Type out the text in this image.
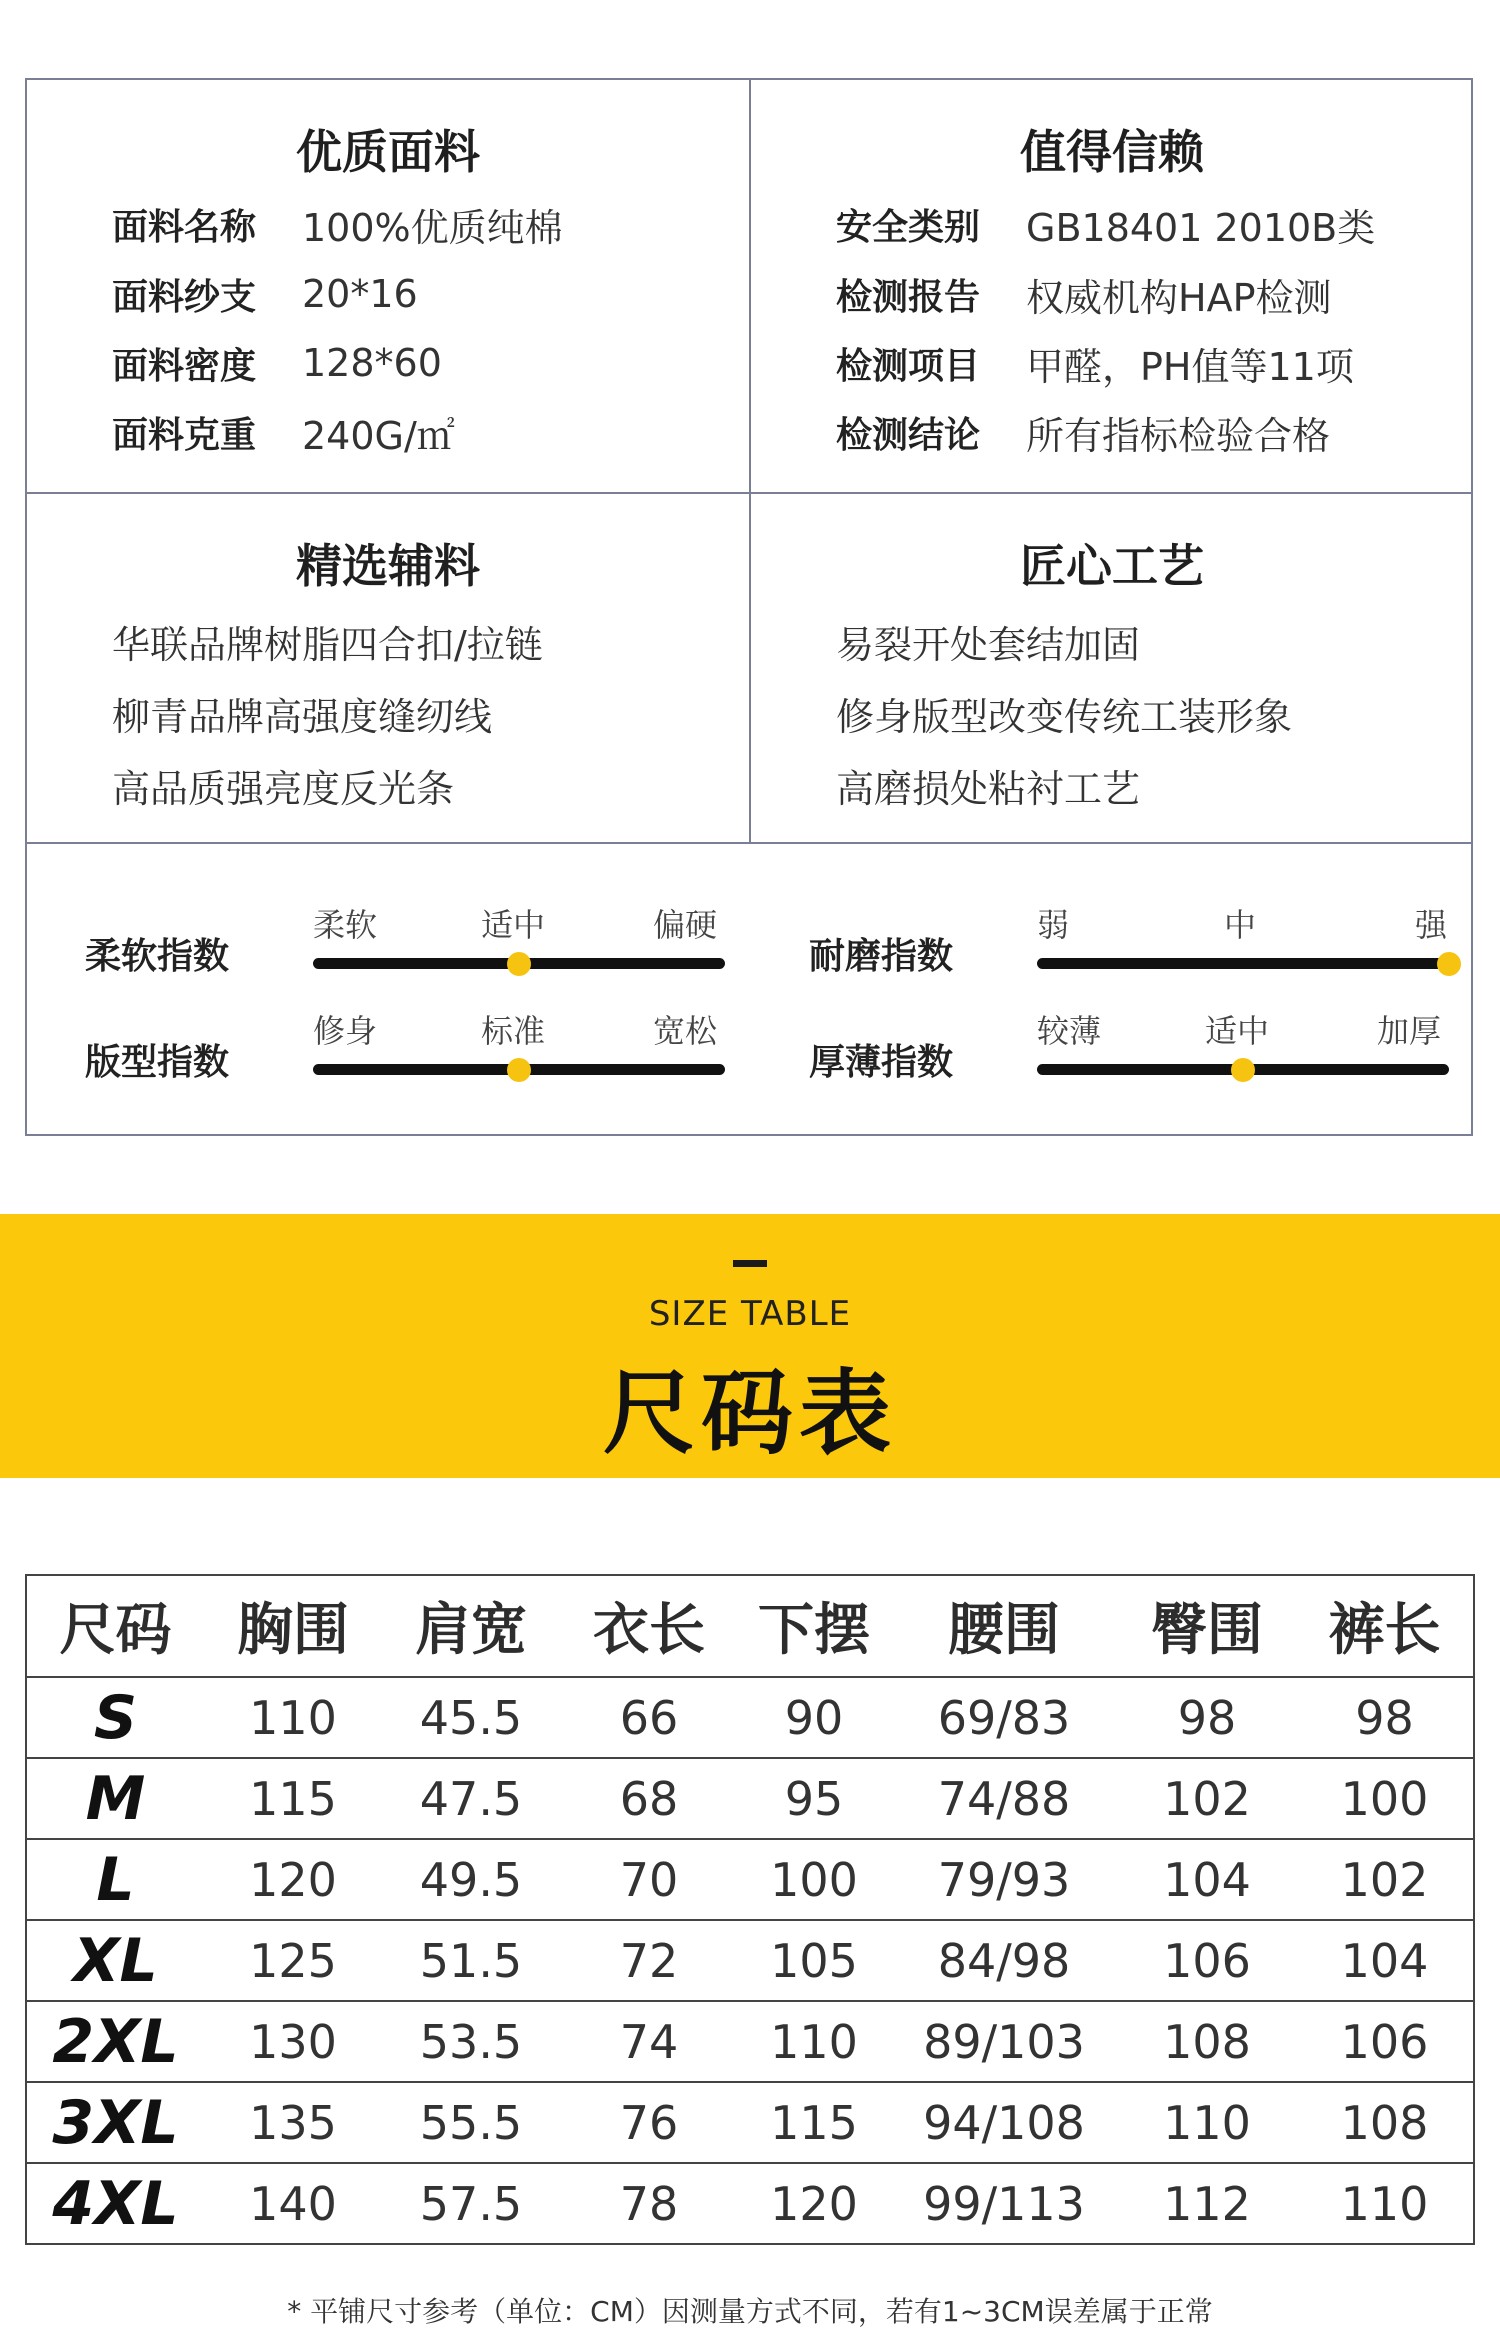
优质面料
面料名称	100%优质纯棉
面料纱支	20*16
面料密度	128*60
面料克重	240G/㎡
值得信赖
安全类别	GB18401 2010B类
检测报告	权威机构HAP检测
检测项目	甲醛，PH值等11项
检测结论	所有指标检验合格
精选辅料
华联品牌树脂四合扣/拉链
柳青品牌高强度缝纫线
高品质强亮度反光条
匠心工艺
易裂开处套结加固
修身版型改变传统工装形象
高磨损处粘衬工艺
柔软指数
柔软	适中	偏硬
版型指数
修身	标准	宽松
耐磨指数
弱	中	强
厚薄指数
较薄	适中	加厚
SIZE TABLE
尺码表
尺码	胸围	肩宽	衣长	下摆	腰围	臀围	裤长
S	110	45.5	66	90	69/83	98	98
M	115	47.5	68	95	74/88	102	100
L	120	49.5	70	100	79/93	104	102
XL	125	51.5	72	105	84/98	106	104
2XL	130	53.5	74	110	89/103	108	106
3XL	135	55.5	76	115	94/108	110	108
4XL	140	57.5	78	120	99/113	112	110
* 平铺尺寸参考（单位：CM）因测量方式不同，若有1~3CM误差属于正常
